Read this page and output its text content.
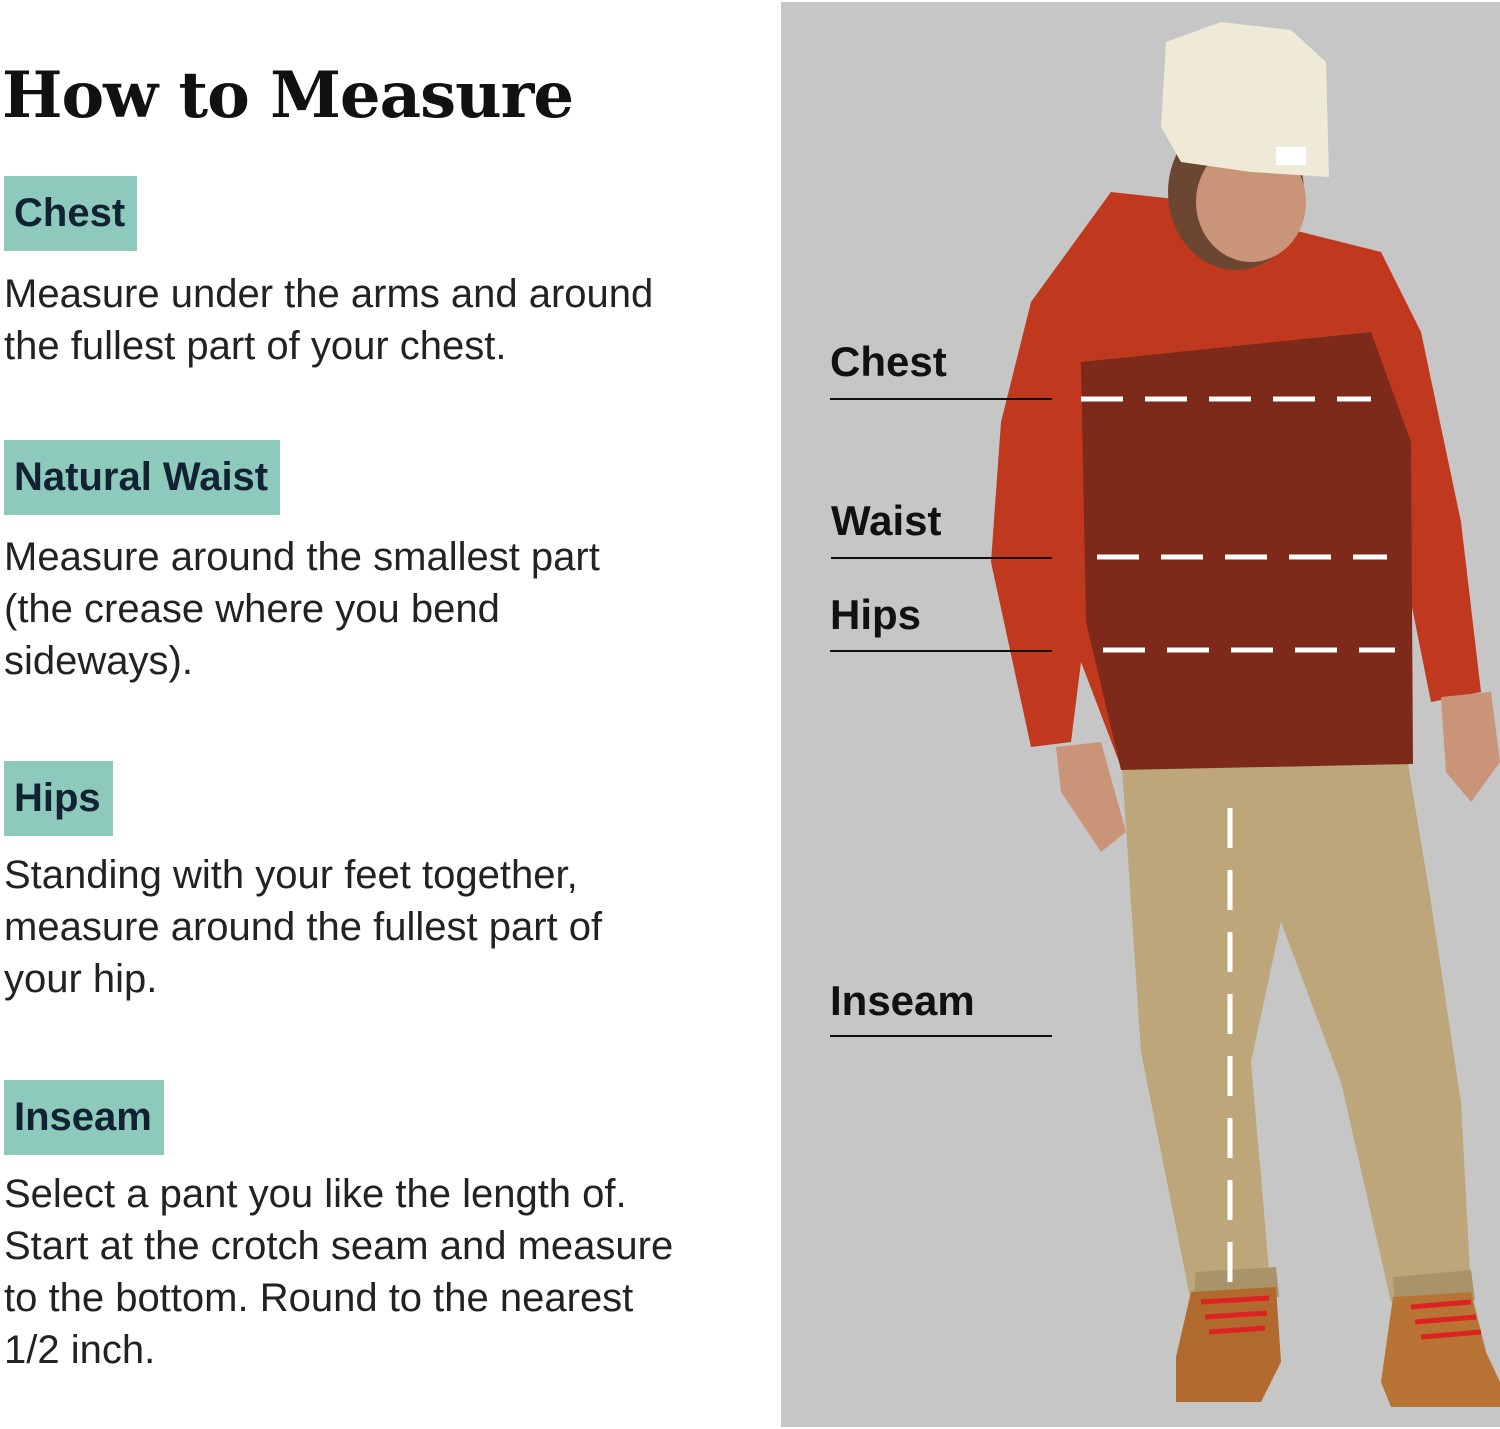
How to Measure
Chest
Measure under the arms and around
the fullest part of your chest.
Natural Waist
Measure around the smallest part
(the crease where you bend
sideways).
Hips
Standing with your feet together,
measure around the fullest part of
your hip.
Inseam
Select a pant you like the length of.
Start at the crotch seam and measure
to the bottom. Round to the nearest
1/2 inch.
Chest
Waist
Hips
Inseam
